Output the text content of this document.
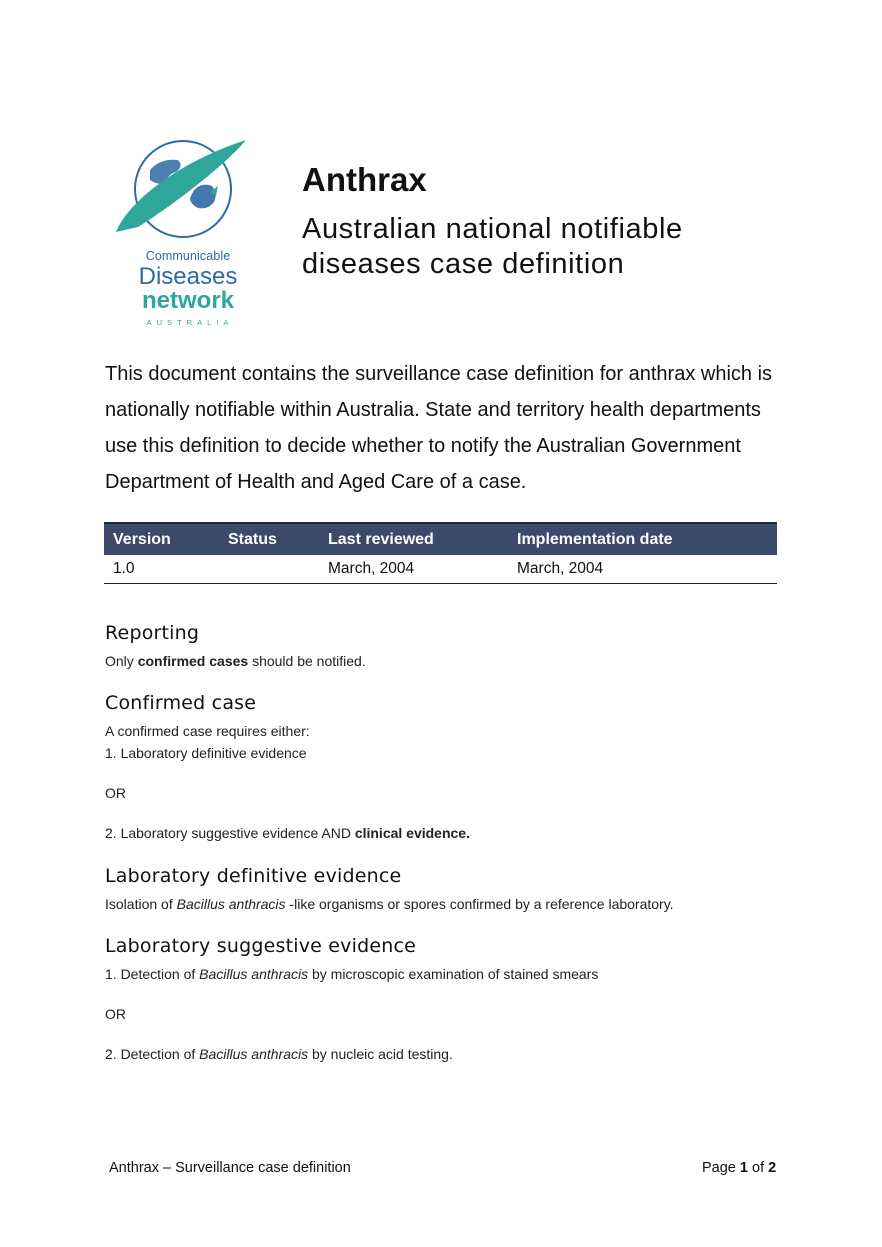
Communicable
Diseases
network
AUSTRALIA
Anthrax
Australian national notifiable diseases case definition

This document contains the surveillance case definition for anthrax which is nationally notifiable within Australia. State and territory health departments use this definition to decide whether to notify the Australian Government Department of Health and Aged Care of a case.

Version	Status	Last reviewed	Implementation date
1.0		March, 2004	March, 2004
Reporting

Only confirmed cases should be notified.

Confirmed case

A confirmed case requires either:

1. Laboratory definitive evidence

OR

2. Laboratory suggestive evidence AND clinical evidence.

Laboratory definitive evidence

Isolation of Bacillus anthracis -like organisms or spores confirmed by a reference laboratory.

Laboratory suggestive evidence

1. Detection of Bacillus anthracis by microscopic examination of stained smears

OR

2. Detection of Bacillus anthracis by nucleic acid testing.

Anthrax – Surveillance case definition	Page 1 of 2
